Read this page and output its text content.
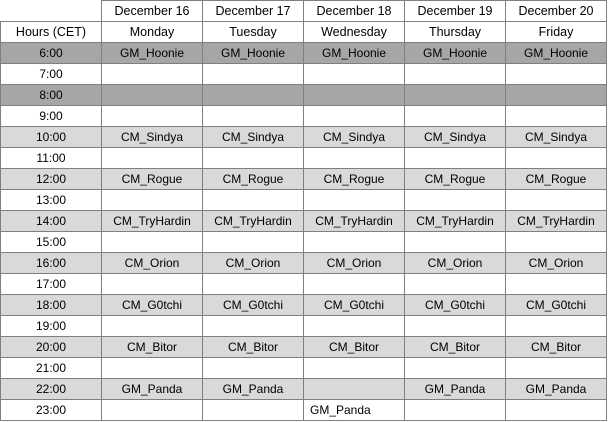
	December 16	December 17	December 18	December 19	December 20
Hours (CET)	Monday	Tuesday	Wednesday	Thursday	Friday
6:00	GM_Hoonie	GM_Hoonie	GM_Hoonie	GM_Hoonie	GM_Hoonie
7:00					
8:00					
9:00					
10:00	CM_Sindya	CM_Sindya	CM_Sindya	CM_Sindya	CM_Sindya
11:00					
12:00	CM_Rogue	CM_Rogue	CM_Rogue	CM_Rogue	CM_Rogue
13:00					
14:00	CM_TryHardin	CM_TryHardin	CM_TryHardin	CM_TryHardin	CM_TryHardin
15:00					
16:00	CM_Orion	CM_Orion	CM_Orion	CM_Orion	CM_Orion
17:00					
18:00	CM_G0tchi	CM_G0tchi	CM_G0tchi	CM_G0tchi	CM_G0tchi
19:00					
20:00	CM_Bitor	CM_Bitor	CM_Bitor	CM_Bitor	CM_Bitor
21:00					
22:00	GM_Panda	GM_Panda		GM_Panda	GM_Panda
23:00			GM_Panda		
